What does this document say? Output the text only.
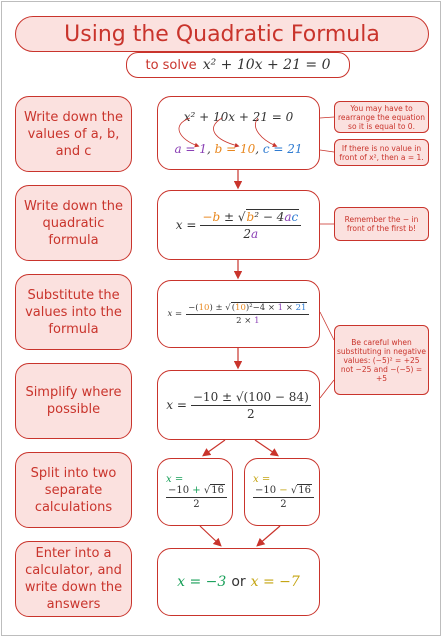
Using the Quadratic Formula
to solve x² + 10x + 21 = 0
Write down the values of a, b, and c
Write down the quadratic formula
Substitute the values into the formula
Simplify where possible
Split into two separate calculations
Enter into a calculator, and write down the answers
x² + 10x + 21 = 0
a = 1, b = 10, c = 21
$x = \frac{\text{−b ± √b² − 4ac}}{2a}$
$x = \frac{\text{−(10) ± √(10)²−4 × 1 × 21}}{2 \times 1}$
$x = \frac{-10 \pm √(100 - 84)}{2}$
x =
$\frac{-10 + √16}{2}$
x =
$\frac{-10 - √16}{2}$
x = −3 or x = −7
You may have to rearrange the equation so it is equal to 0.
If there is no value in front of x², then a = 1.
Remember the − in front of the first b!
Be careful when substituting in negative values: (−5)² = +25 not −25 and −(−5) = +5
